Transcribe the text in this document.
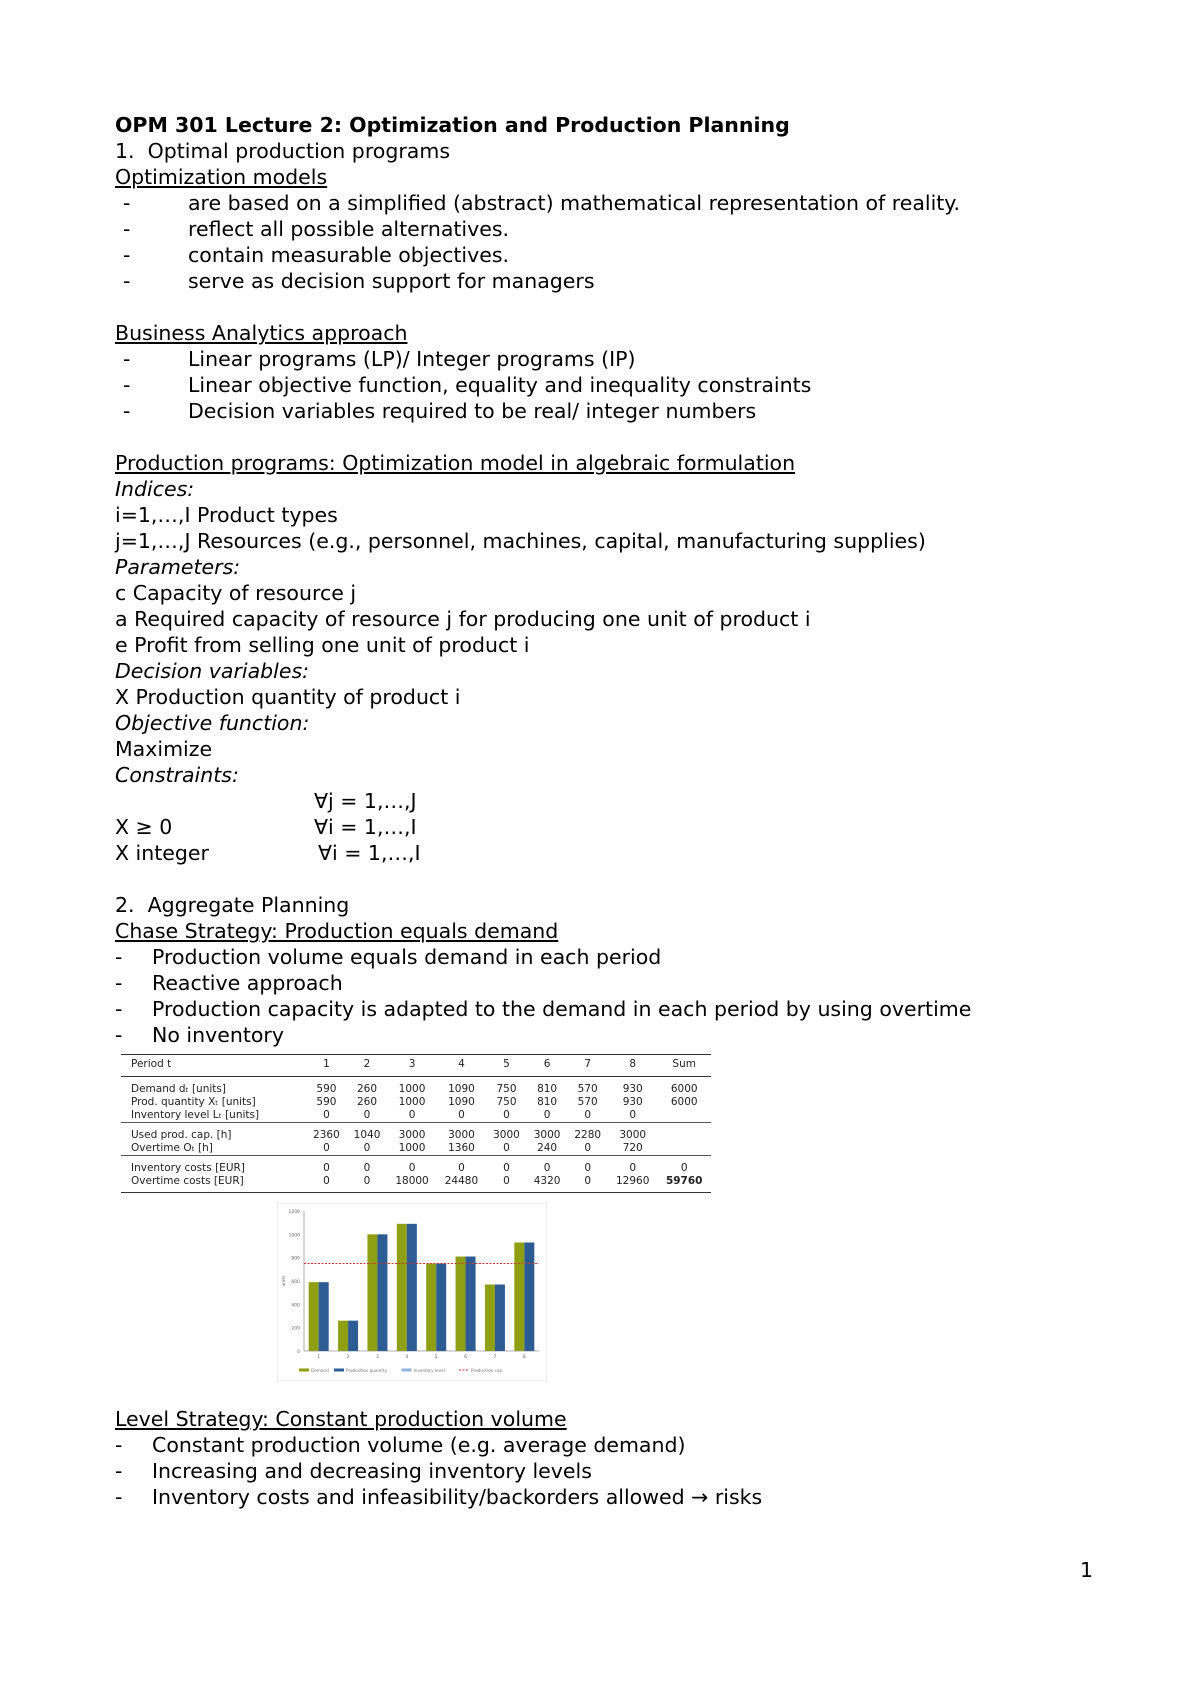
OPM 301 Lecture 2: Optimization and Production Planning
1.  Optimal production programs
Optimization models
-	are based on a simplified (abstract) mathematical representation of reality.
-	reflect all possible alternatives.
-	contain measurable objectives.
-	serve as decision support for managers
Business Analytics approach
-	Linear programs (LP)/ Integer programs (IP)
-	Linear objective function, equality and inequality constraints
-	Decision variables required to be real/ integer numbers
Production programs: Optimization model in algebraic formulation
Indices:
i=1,…,I Product types
j=1,…,J Resources (e.g., personnel, machines, capital, manufacturing supplies)
Parameters:
c Capacity of resource j
a Required capacity of resource j for producing one unit of product i
e Profit from selling one unit of product i
Decision variables:
X Production quantity of product i
Objective function:
Maximize
Constraints:

∀j = 1,…,J

X ≥ 0

	∀i = 1,…,I

X integer

	∀i = 1,…,I

2.  Aggregate Planning
Chase Strategy: Production equals demand
- Production volume equals demand in each period
- Reactive approach
- Production capacity is adapted to the demand in each period by using overtime
- No inventory
Period t	1	2	3	4	5	6	7	8	Sum
Demand dₜ [units]	590	260	1000	1090	750	810	570	930	6000
Prod. quantity Xₜ [units]	590	260	1000	1090	750	810	570	930	6000
Inventory level Lₜ [units]	0	0	0	0	0	0	0	0	
Used prod. cap. [h]	2360	1040	3000	3000	3000	3000	2280	3000	
Overtime Oₜ [h]	0	0	1000	1360	0	240	0	720	
Inventory costs [EUR]	0	0	0	0	0	0	0	0	0
Overtime costs [EUR]	0	0	18000	24480	0	4320	0	12960	59760
0
200
400
600
800
1000
1200
units
1	2	3	4	5	6	7	8
Demand	Production quantity	Inventory level	Production cap.
Level Strategy: Constant production volume
- Constant production volume (e.g. average demand)
- Increasing and decreasing inventory levels
- Inventory costs and infeasibility/backorders allowed → risks
1
